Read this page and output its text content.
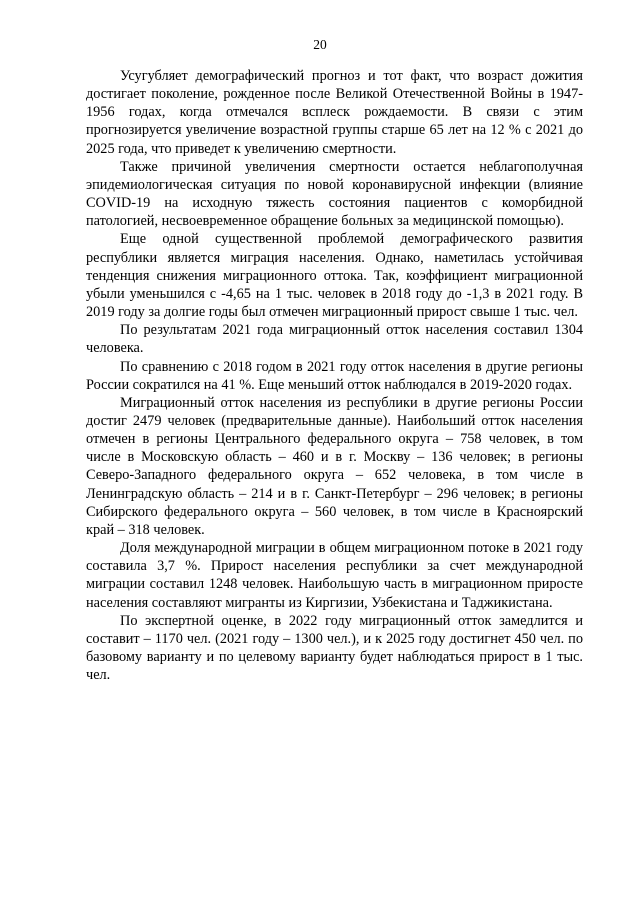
20

Усугубляет демографический прогноз и тот факт, что возраст дожития достигает поколение, рожденное после Великой Отечественной Войны в 1947-1956 годах, когда отмечался всплеск рождаемости. В связи с этим прогнозируется увеличение возрастной группы старше 65 лет на 12 % с 2021 до 2025 года, что приведет к увеличению смертности.

Также причиной увеличения смертности остается неблагополучная эпидемиологическая ситуация по новой коронавирусной инфекции (влияние COVID-19 на исходную тяжесть состояния пациентов с коморбидной патологией, несвоевременное обращение больных за медицинской помощью).

Еще одной существенной проблемой демографического развития республики является миграция населения. Однако, наметилась устойчивая тенденция снижения миграционного оттока. Так, коэффициент миграционной убыли уменьшился с -4,65 на 1 тыс. человек в 2018 году до -1,3 в 2021 году. В 2019 году за долгие годы был отмечен миграционный прирост свыше 1 тыс. чел.

По результатам 2021 года миграционный отток населения составил 1304 человека.

По сравнению с 2018 годом в 2021 году отток населения в другие регионы России сократился на 41 %. Еще меньший отток наблюдался в 2019-2020 годах.

Миграционный отток населения из республики в другие регионы России достиг 2479 человек (предварительные данные). Наибольший отток населения отмечен в регионы Центрального федерального округа – 758 человек, в том числе в Московскую область – 460 и в г. Москву – 136 человек; в регионы Северо-Западного федерального округа – 652 человека, в том числе в Ленинградскую область – 214 и в г. Санкт-Петербург – 296 человек; в регионы Сибирского федерального округа – 560 человек, в том числе в Красноярский край – 318 человек.

Доля международной миграции в общем миграционном потоке в 2021 году составила 3,7 %. Прирост населения республики за счет международной миграции составил 1248 человек. Наибольшую часть в миграционном приросте населения составляют мигранты из Киргизии, Узбекистана и Таджикистана.

По экспертной оценке, в 2022 году миграционный отток замедлится и составит – 1170 чел. (2021 году – 1300 чел.), и к 2025 году достигнет 450 чел. по базовому варианту и по целевому варианту будет наблюдаться прирост в 1 тыс. чел.
